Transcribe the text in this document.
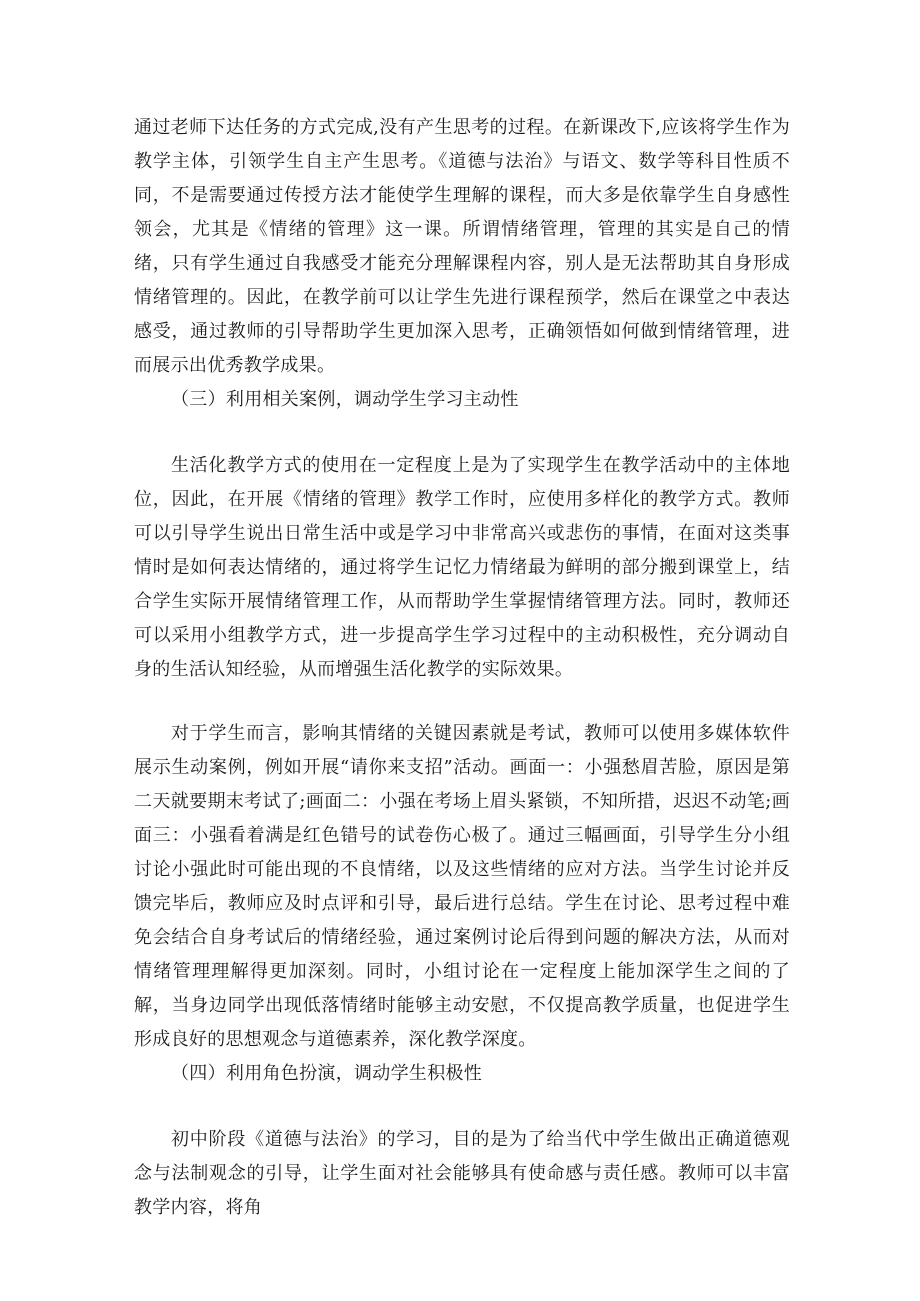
通过老师下达任务的方式完成,没有产生思考的过程。在新课改下,应该将学生作为教学主体，引领学生自主产生思考。《道德与法治》与语文、数学等科目性质不同，不是需要通过传授方法才能使学生理解的课程，而大多是依靠学生自身感性领会，尤其是《情绪的管理》这一课。所谓情绪管理，管理的其实是自己的情绪，只有学生通过自我感受才能充分理解课程内容，别人是无法帮助其自身形成情绪管理的。因此，在教学前可以让学生先进行课程预学，然后在课堂之中表达感受，通过教师的引导帮助学生更加深入思考，正确领悟如何做到情绪管理，进而展示出优秀教学成果。

（三）利用相关案例，调动学生学习主动性

生活化教学方式的使用在一定程度上是为了实现学生在教学活动中的主体地位，因此，在开展《情绪的管理》教学工作时，应使用多样化的教学方式。教师可以引导学生说出日常生活中或是学习中非常高兴或悲伤的事情，在面对这类事情时是如何表达情绪的，通过将学生记忆力情绪最为鲜明的部分搬到课堂上，结合学生实际开展情绪管理工作，从而帮助学生掌握情绪管理方法。同时，教师还可以采用小组教学方式，进一步提高学生学习过程中的主动积极性，充分调动自身的生活认知经验，从而增强生活化教学的实际效果。

对于学生而言，影响其情绪的关键因素就是考试，教师可以使用多媒体软件展示生动案例，例如开展“请你来支招”活动。画面一：小强愁眉苦脸，原因是第二天就要期末考试了;画面二：小强在考场上眉头紧锁，不知所措，迟迟不动笔;画面三：小强看着满是红色错号的试卷伤心极了。通过三幅画面，引导学生分小组讨论小强此时可能出现的不良情绪，以及这些情绪的应对方法。当学生讨论并反馈完毕后，教师应及时点评和引导，最后进行总结。学生在讨论、思考过程中难免会结合自身考试后的情绪经验，通过案例讨论后得到问题的解决方法，从而对情绪管理理解得更加深刻。同时，小组讨论在一定程度上能加深学生之间的了解，当身边同学出现低落情绪时能够主动安慰，不仅提高教学质量，也促进学生形成良好的思想观念与道德素养，深化教学深度。

（四）利用角色扮演，调动学生积极性

初中阶段《道德与法治》的学习，目的是为了给当代中学生做出正确道德观念与法制观念的引导，让学生面对社会能够具有使命感与责任感。教师可以丰富教学内容，将角
